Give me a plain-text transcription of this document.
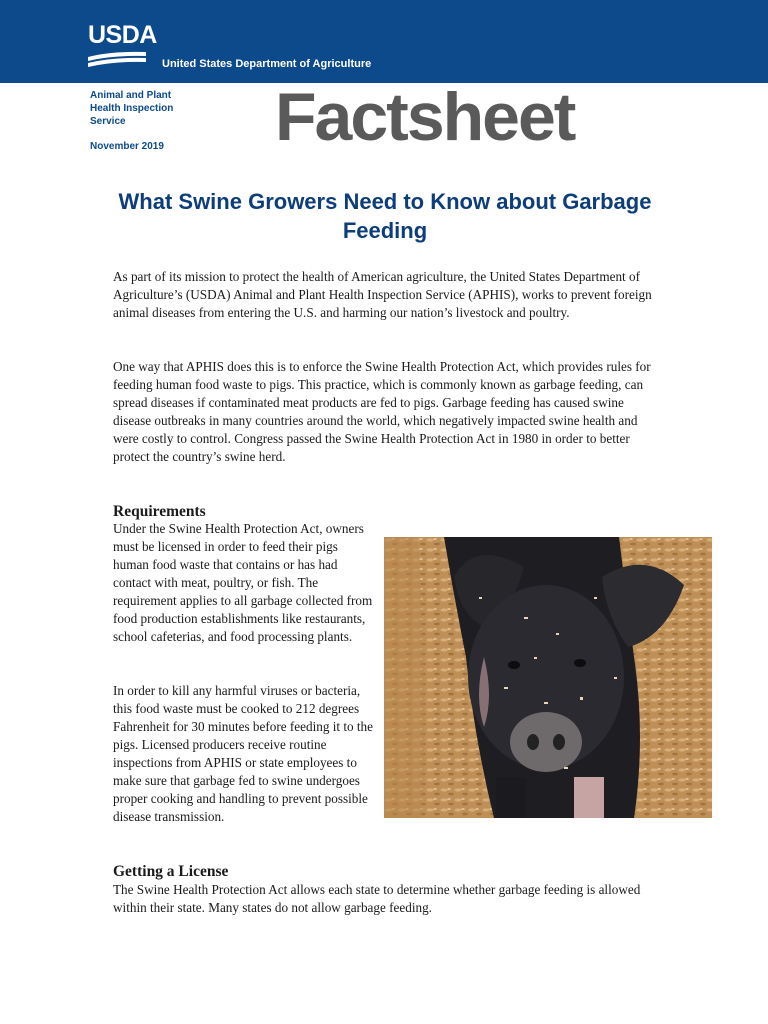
USDA
United States Department of Agriculture
Animal and Plant Health Inspection Service
November 2019 Factsheet
What Swine Growers Need to Know about Garbage Feeding

As part of its mission to protect the health of American agriculture, the United States Department of Agriculture’s (USDA) Animal and Plant Health Inspection Service (APHIS), works to prevent foreign animal diseases from entering the U.S. and harming our nation’s livestock and poultry.

One way that APHIS does this is to enforce the Swine Health Protection Act, which provides rules for feeding human food waste to pigs. This practice, which is commonly known as garbage feeding, can spread diseases if contaminated meat products are fed to pigs. Garbage feeding has caused swine disease outbreaks in many countries around the world, which negatively impacted swine health and were costly to control. Congress passed the Swine Health Protection Act in 1980 in order to better protect the country’s swine herd.

Requirements

Under the Swine Health Protection Act, owners must be licensed in order to feed their pigs human food waste that contains or has had contact with meat, poultry, or fish. The requirement applies to all garbage collected from food production establishments like restaurants, school cafeterias, and food processing plants.

In order to kill any harmful viruses or bacteria, this food waste must be cooked to 212 degrees Fahrenheit for 30 minutes before feeding it to the pigs. Licensed producers receive routine inspections from APHIS or state employees to make sure that garbage fed to swine undergoes proper cooking and handling to prevent possible disease transmission.

Getting a License

The Swine Health Protection Act allows each state to determine whether garbage feeding is allowed within their state. Many states do not allow garbage feeding.
